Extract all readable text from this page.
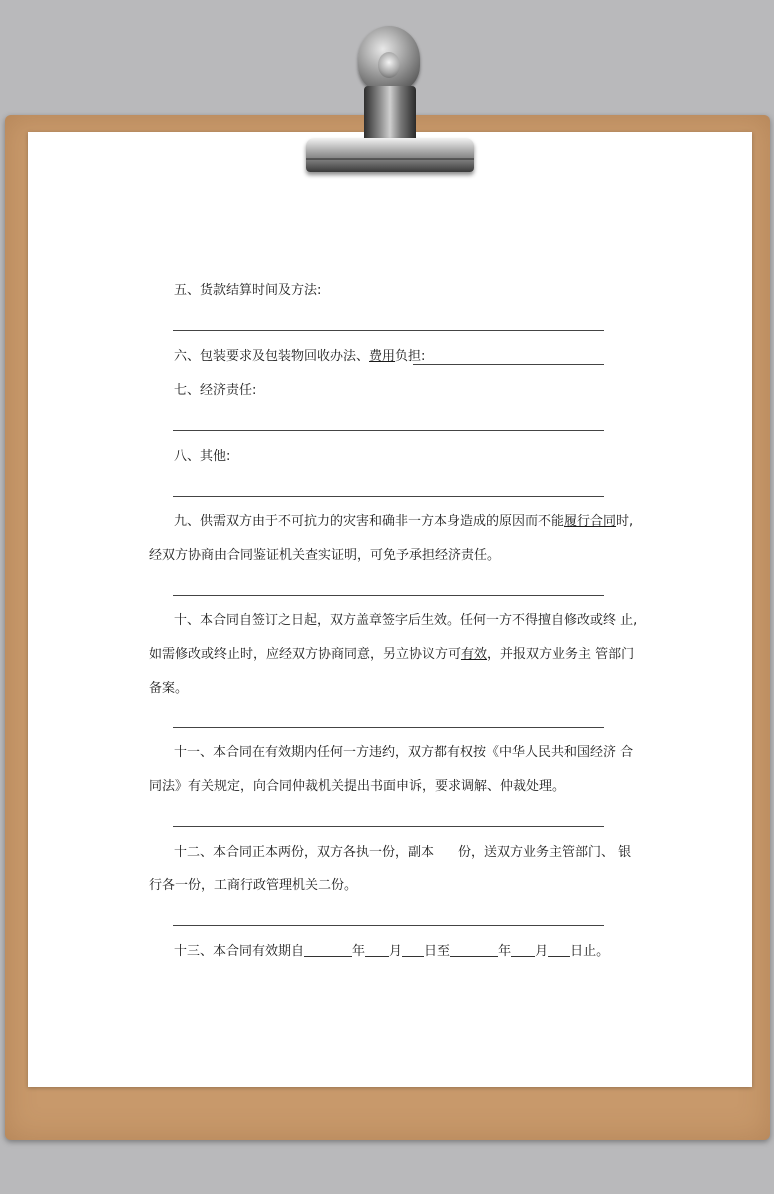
五、货款结算时间及方法:
六、包装要求及包装物回收办法、费用负担:
七、经济责任:
八、其他:
九、供需双方由于不可抗力的灾害和确非一方本身造成的原因而不能履行合同时,
经双方协商由合同鉴证机关查实证明，可免予承担经济责任。
十、本合同自签订之日起，双方盖章签字后生效。任何一方不得擅自修改或终 止,
如需修改或终止时，应经双方协商同意，另立协议方可有效，并报双方业务主 管部门
备案。
十一、本合同在有效期内任何一方违约，双方都有权按《中华人民共和国经济 合
同法》有关规定，向合同仲裁机关提出书面申诉，要求调解、仲裁处理。
十二、本合同正本两份，双方各执一份，副本 份，送双方业务主管部门、 银
行各一份，工商行政管理机关二份。
十三、本合同有效期自	年 月 日至	年 月 日止。
